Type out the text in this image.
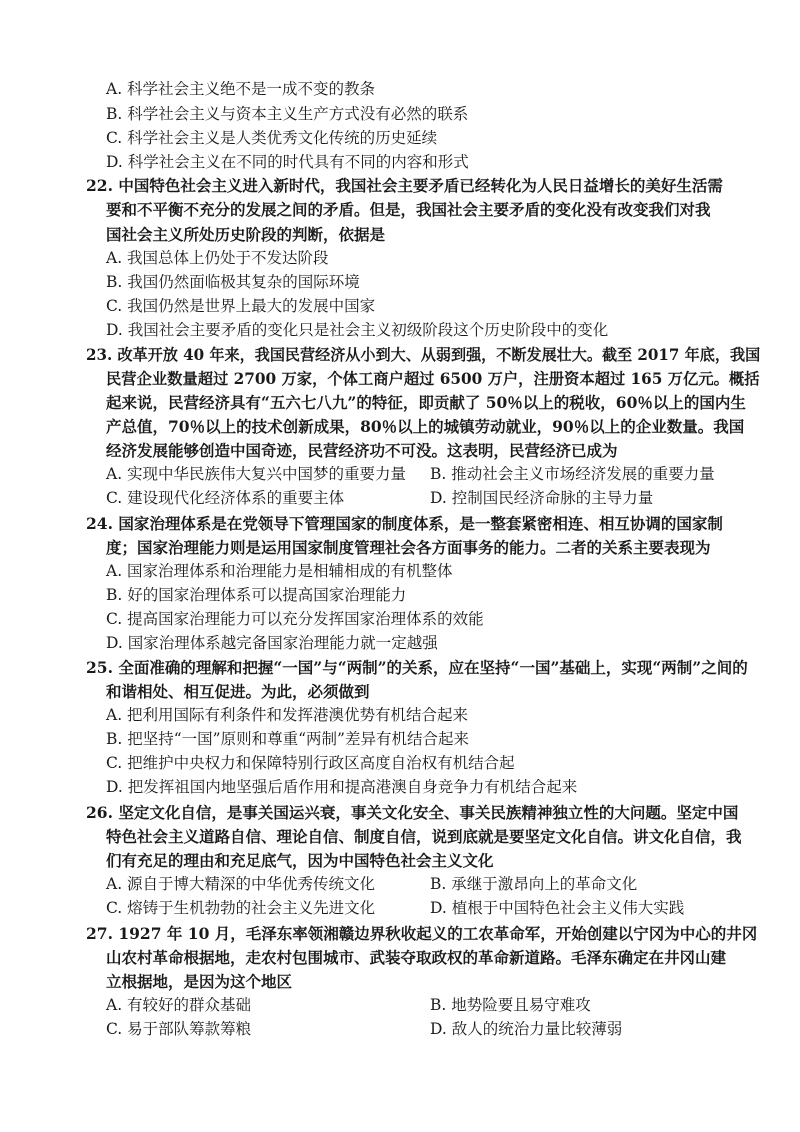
A. 科学社会主义绝不是一成不变的教条
B. 科学社会主义与资本主义生产方式没有必然的联系
C. 科学社会主义是人类优秀文化传统的历史延续
D. 科学社会主义在不同的时代具有不同的内容和形式
22. 中国特色社会主义进入新时代，我国社会主要矛盾已经转化为人民日益增长的美好生活需
要和不平衡不充分的发展之间的矛盾。但是，我国社会主要矛盾的变化没有改变我们对我
国社会主义所处历史阶段的判断，依据是
A. 我国总体上仍处于不发达阶段
B. 我国仍然面临极其复杂的国际环境
C. 我国仍然是世界上最大的发展中国家
D. 我国社会主要矛盾的变化只是社会主义初级阶段这个历史阶段中的变化
23. 改革开放 40 年来，我国民营经济从小到大、从弱到强，不断发展壮大。截至 2017 年底，我国
民营企业数量超过 2700 万家，个体工商户超过 6500 万户，注册资本超过 165 万亿元。概括
起来说，民营经济具有“五六七八九”的特征，即贡献了 50％以上的税收，60％以上的国内生
产总值，70％以上的技术创新成果，80％以上的城镇劳动就业，90％以上的企业数量。我国
经济发展能够创造中国奇迹，民营经济功不可没。这表明，民营经济已成为
A. 实现中华民族伟大复兴中国梦的重要力量 B. 推动社会主义市场经济发展的重要力量
C. 建设现代化经济体系的重要主体	D. 控制国民经济命脉的主导力量
24. 国家治理体系是在党领导下管理国家的制度体系，是一整套紧密相连、相互协调的国家制
度；国家治理能力则是运用国家制度管理社会各方面事务的能力。二者的关系主要表现为
A. 国家治理体系和治理能力是相辅相成的有机整体
B. 好的国家治理体系可以提高国家治理能力
C. 提高国家治理能力可以充分发挥国家治理体系的效能
D. 国家治理体系越完备国家治理能力就一定越强
25. 全面准确的理解和把握“一国”与“两制”的关系，应在坚持“一国”基础上，实现“两制”之间的
和谐相处、相互促进。为此，必须做到
A. 把利用国际有利条件和发挥港澳优势有机结合起来
B. 把坚持“一国”原则和尊重“两制”差异有机结合起来
C. 把维护中央权力和保障特别行政区高度自治权有机结合起
D. 把发挥祖国内地坚强后盾作用和提高港澳自身竞争力有机结合起来
26. 坚定文化自信，是事关国运兴衰，事关文化安全、事关民族精神独立性的大问题。坚定中国
特色社会主义道路自信、理论自信、制度自信，说到底就是要坚定文化自信。讲文化自信，我
们有充足的理由和充足底气，因为中国特色社会主义文化
A. 源自于博大精深的中华优秀传统文化	B. 承继于激昂向上的革命文化
C. 熔铸于生机勃勃的社会主义先进文化	D. 植根于中国特色社会主义伟大实践
27. 1927 年 10 月，毛泽东率领湘赣边界秋收起义的工农革命军，开始创建以宁冈为中心的井冈
山农村革命根据地，走农村包围城市、武装夺取政权的革命新道路。毛泽东确定在井冈山建
立根据地，是因为这个地区
A. 有较好的群众基础	B. 地势险要且易守难攻
C. 易于部队筹款筹粮	D. 敌人的统治力量比较薄弱
